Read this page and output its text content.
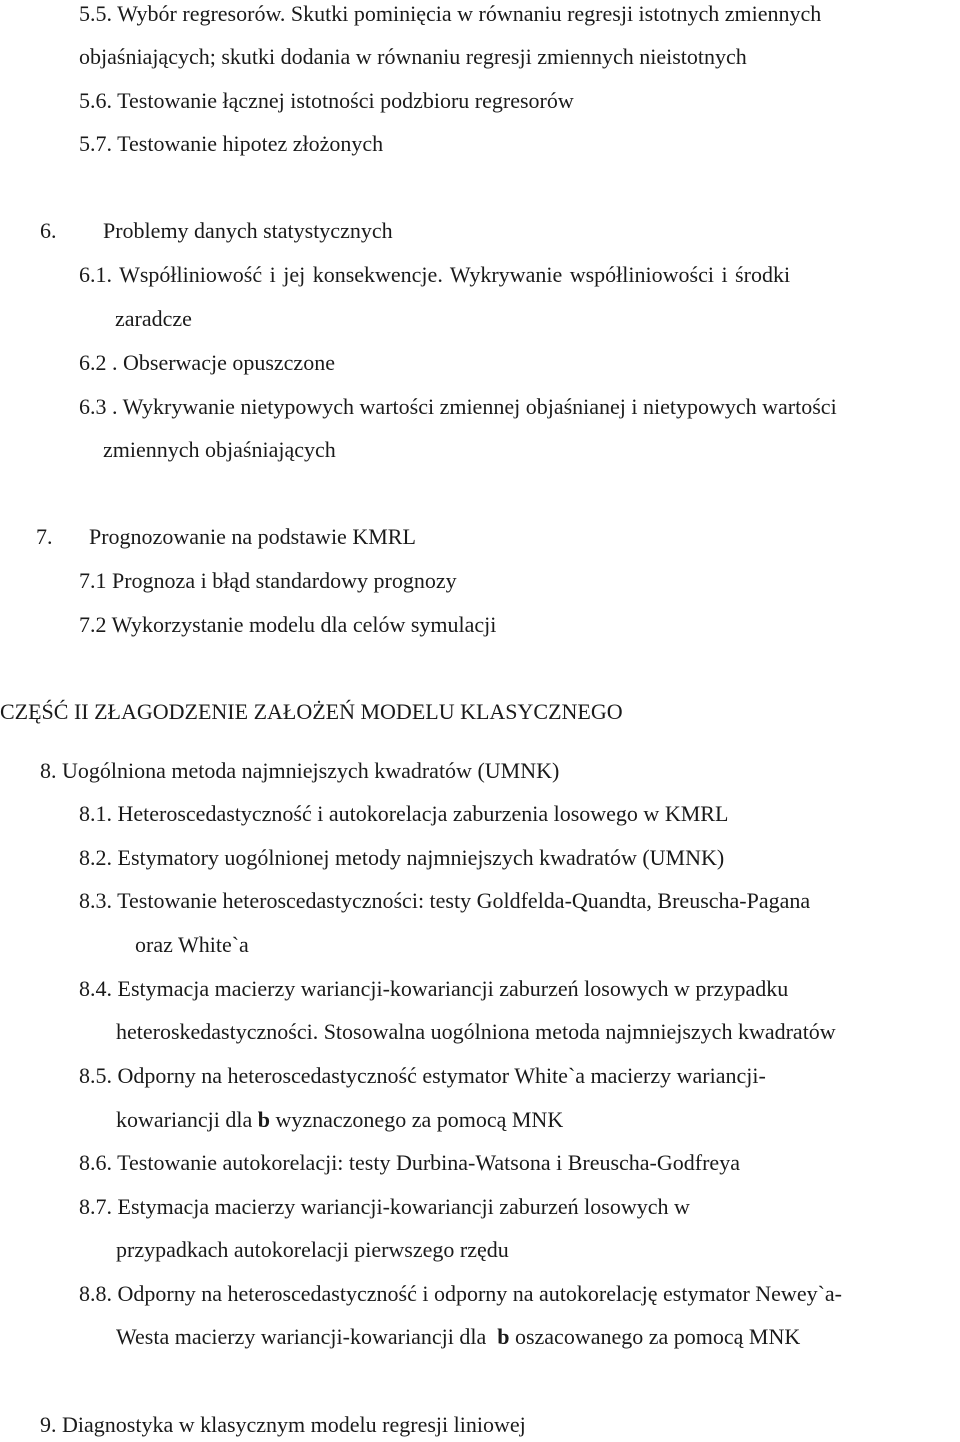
5.5. Wybór regresorów. Skutki pominięcia w równaniu regresji istotnych zmiennych
objaśniających; skutki dodania w równaniu regresji zmiennych nieistotnych
5.6. Testowanie łącznej istotności podzbioru regresorów
5.7. Testowanie hipotez złożonych
6. Problemy danych statystycznych
6.1. Współliniowość i jej konsekwencje. Wykrywanie współliniowości i środki
zaradcze
6.2 . Obserwacje opuszczone
6.3 . Wykrywanie nietypowych wartości zmiennej objaśnianej i nietypowych wartości
zmiennych objaśniających
7. Prognozowanie na podstawie KMRL
7.1 Prognoza i błąd standardowy prognozy
7.2 Wykorzystanie modelu dla celów symulacji
CZĘŚĆ II ZŁAGODZENIE ZAŁOŻEŃ MODELU KLASYCZNEGO
8. Uogólniona metoda najmniejszych kwadratów (UMNK)
8.1. Heteroscedastyczność i autokorelacja zaburzenia losowego w KMRL
8.2. Estymatory uogólnionej metody najmniejszych kwadratów (UMNK)
8.3. Testowanie heteroscedastyczności: testy Goldfelda-Quandta, Breuscha-Pagana
oraz White`a
8.4. Estymacja macierzy wariancji-kowariancji zaburzeń losowych w przypadku
heteroskedastyczności. Stosowalna uogólniona metoda najmniejszych kwadratów
8.5. Odporny na heteroscedastyczność estymator White`a macierzy wariancji-
kowariancji dla b wyznaczonego za pomocą MNK
8.6. Testowanie autokorelacji: testy Durbina-Watsona i Breuscha-Godfreya
8.7. Estymacja macierzy wariancji-kowariancji zaburzeń losowych w
przypadkach autokorelacji pierwszego rzędu
8.8. Odporny na heteroscedastyczność i odporny na autokorelację estymator Newey`a-
Westa macierzy wariancji-kowariancji dla  b oszacowanego za pomocą MNK
9. Diagnostyka w klasycznym modelu regresji liniowej
